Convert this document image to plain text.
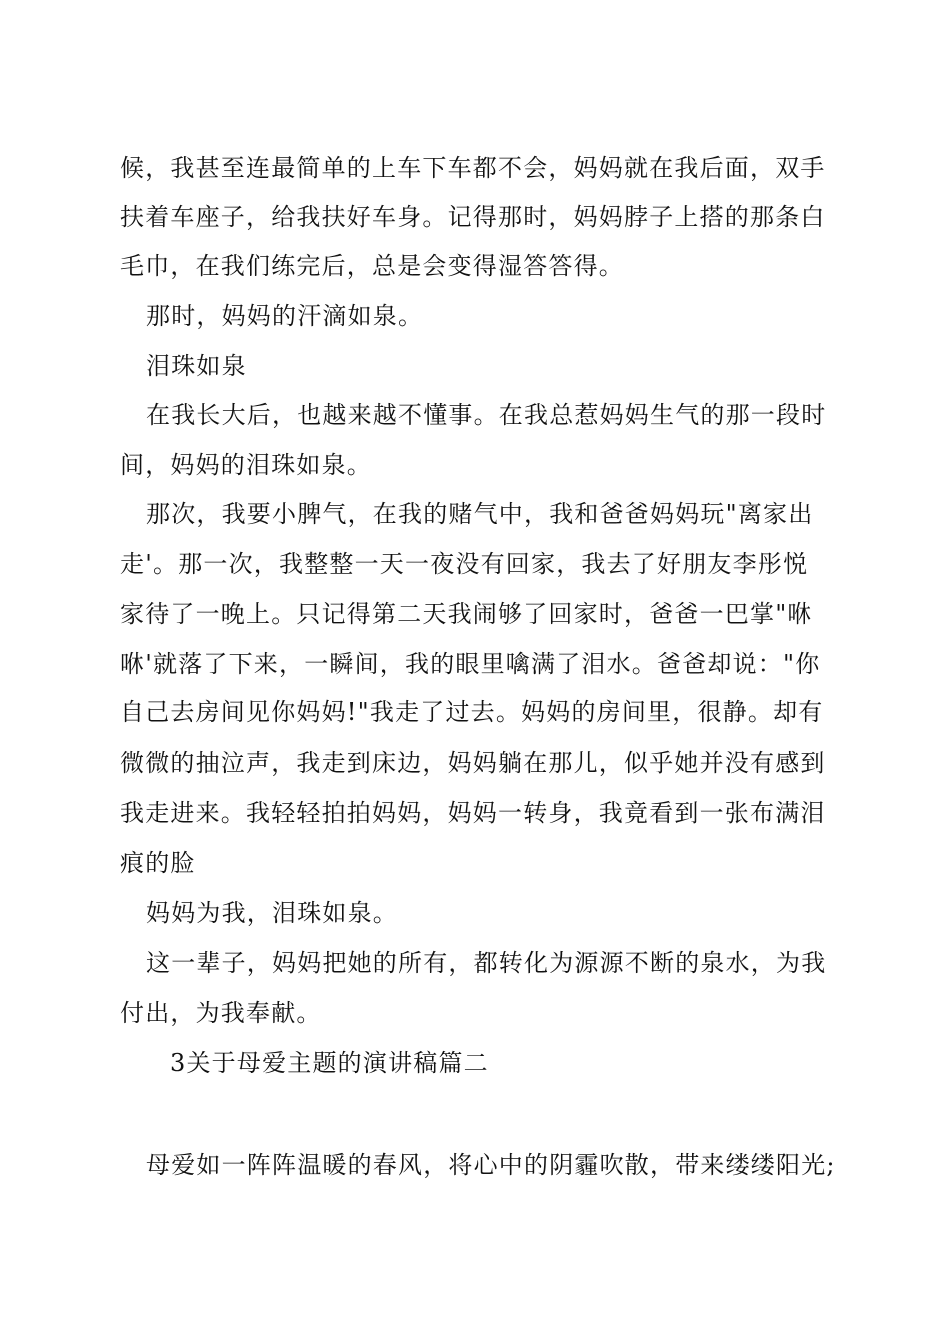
候，我甚至连最简单的上车下车都不会，妈妈就在我后面，双手
扶着车座子，给我扶好车身。记得那时，妈妈脖子上搭的那条白
毛巾，在我们练完后，总是会变得湿答答得。
那时，妈妈的汗滴如泉。
泪珠如泉
在我长大后，也越来越不懂事。在我总惹妈妈生气的那一段时
间，妈妈的泪珠如泉。
那次，我要小脾气，在我的赌气中，我和爸爸妈妈玩"离家出
走'。那一次，我整整一天一夜没有回家，我去了好朋友李彤悦
家待了一晚上。只记得第二天我闹够了回家时，爸爸一巴掌"咻
咻'就落了下来，一瞬间，我的眼里噙满了泪水。爸爸却说："你
自己去房间见你妈妈!"我走了过去。妈妈的房间里，很静。却有
微微的抽泣声，我走到床边，妈妈躺在那儿，似乎她并没有感到
我走进来。我轻轻拍拍妈妈，妈妈一转身，我竟看到一张布满泪
痕的脸
妈妈为我，泪珠如泉。
这一辈子，妈妈把她的所有，都转化为源源不断的泉水，为我
付出，为我奉献。
3关于母爱主题的演讲稿篇二
母爱如一阵阵温暖的春风，将心中的阴霾吹散，带来缕缕阳光;
